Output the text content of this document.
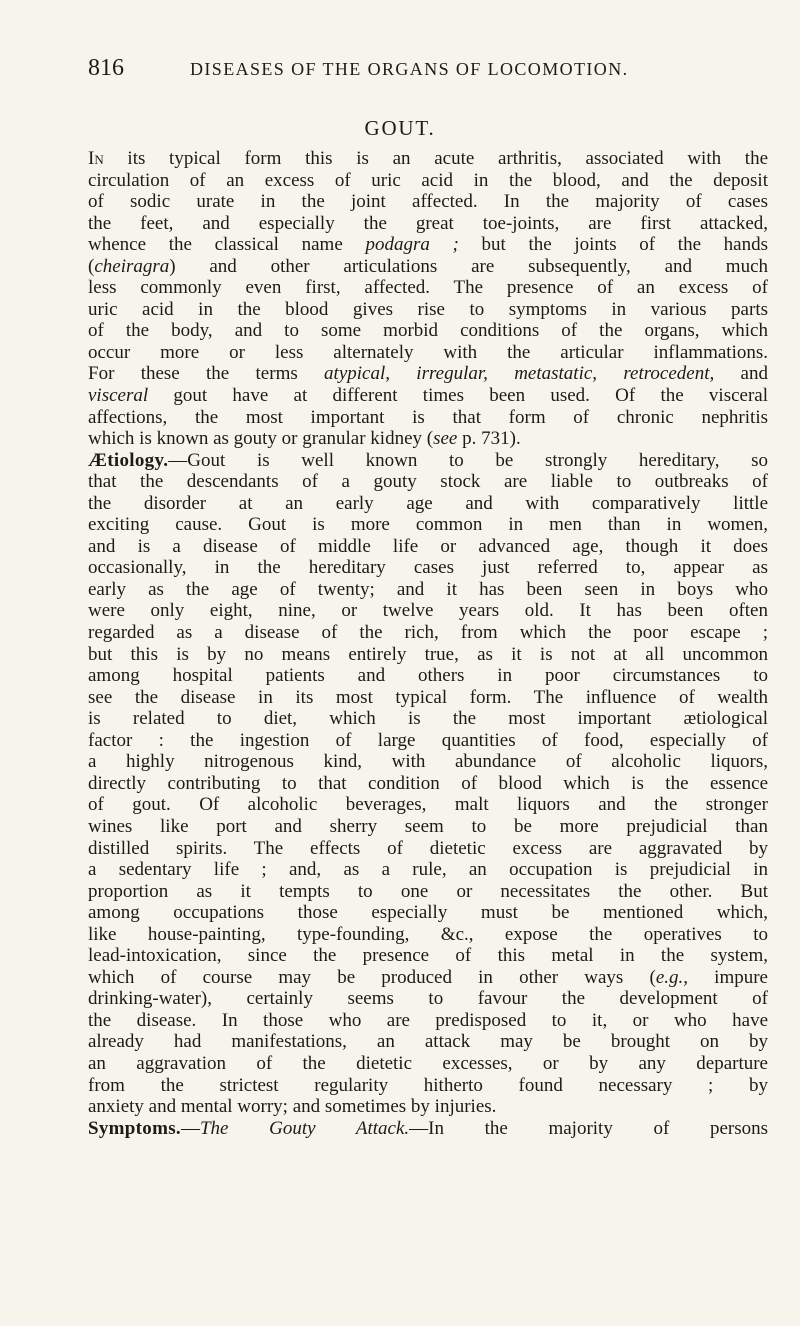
816	DISEASES OF THE ORGANS OF LOCOMOTION.
GOUT.
In its typical form this is an acute arthritis, associated with the
circulation of an excess of uric acid in the blood, and the deposit
of sodic urate in the joint affected. In the majority of cases
the feet, and especially the great toe-joints, are first attacked,
whence the classical name podagra ; but the joints of the hands
(cheiragra) and other articulations are subsequently, and much
less commonly even first, affected. The presence of an excess of
uric acid in the blood gives rise to symptoms in various parts
of the body, and to some morbid conditions of the organs, which
occur more or less alternately with the articular inflammations.
For these the terms atypical, irregular, metastatic, retrocedent, and
visceral gout have at different times been used. Of the visceral
affections, the most important is that form of chronic nephritis
which is known as gouty or granular kidney (see p. 731).
Ætiology.—Gout is well known to be strongly hereditary, so
that the descendants of a gouty stock are liable to outbreaks of
the disorder at an early age and with comparatively little
exciting cause. Gout is more common in men than in women,
and is a disease of middle life or advanced age, though it does
occasionally, in the hereditary cases just referred to, appear as
early as the age of twenty; and it has been seen in boys who
were only eight, nine, or twelve years old. It has been often
regarded as a disease of the rich, from which the poor escape ;
but this is by no means entirely true, as it is not at all uncommon
among hospital patients and others in poor circumstances to
see the disease in its most typical form. The influence of wealth
is related to diet, which is the most important ætiological
factor : the ingestion of large quantities of food, especially of
a highly nitrogenous kind, with abundance of alcoholic liquors,
directly contributing to that condition of blood which is the essence
of gout. Of alcoholic beverages, malt liquors and the stronger
wines like port and sherry seem to be more prejudicial than
distilled spirits. The effects of dietetic excess are aggravated by
a sedentary life ; and, as a rule, an occupation is prejudicial in
proportion as it tempts to one or necessitates the other. But
among occupations those especially must be mentioned which,
like house-painting, type-founding, &c., expose the operatives to
lead-intoxication, since the presence of this metal in the system,
which of course may be produced in other ways (e.g., impure
drinking-water), certainly seems to favour the development of
the disease. In those who are predisposed to it, or who have
already had manifestations, an attack may be brought on by
an aggravation of the dietetic excesses, or by any departure
from the strictest regularity hitherto found necessary ; by
anxiety and mental worry; and sometimes by injuries.
Symptoms.—The Gouty Attack.—In the majority of persons
